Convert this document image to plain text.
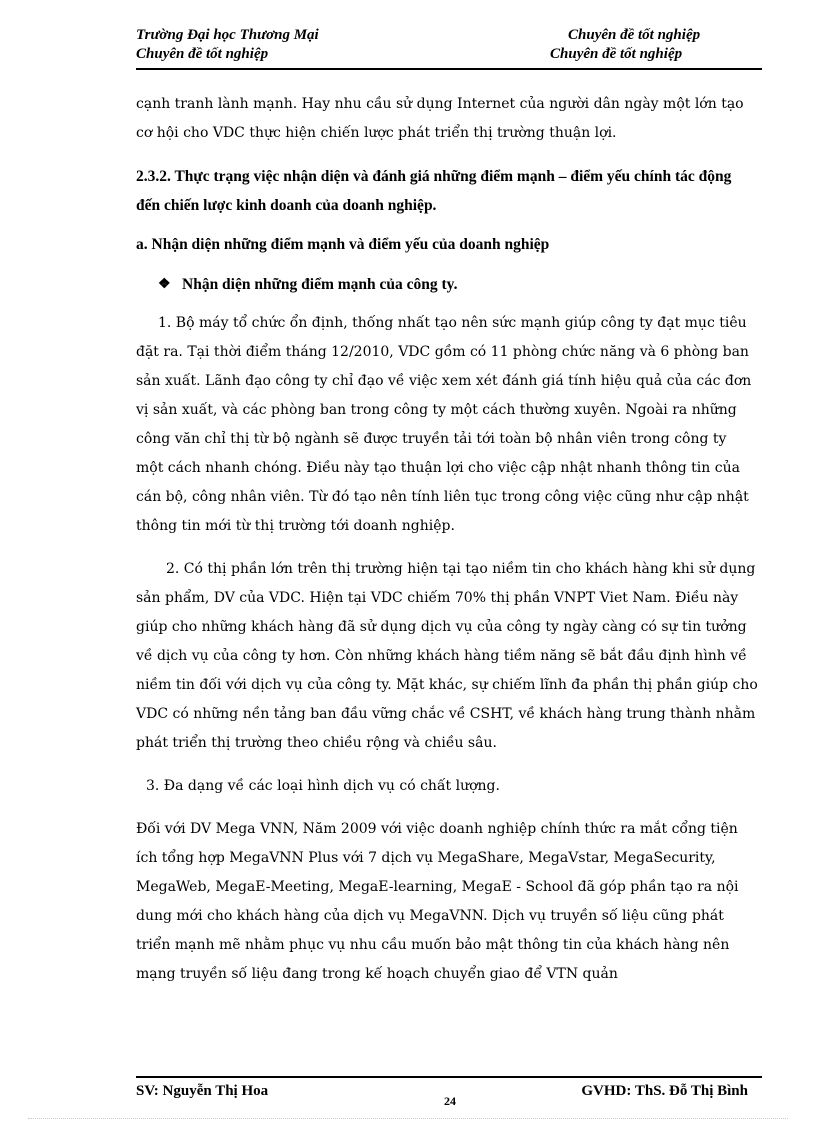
Trường Đại học Thương Mại
Chuyên đề tốt nghiệp
Chuyên đề tốt nghiệp
Chuyên đề tốt nghiệp

cạnh tranh lành mạnh. Hay nhu cầu sử dụng Internet của người dân ngày một lớn tạo cơ hội cho VDC thực hiện chiến lược phát triển thị trường thuận lợi.

2.3.2. Thực trạng việc nhận diện và đánh giá những điểm mạnh – điểm yếu chính tác động đến chiến lược kinh doanh của doanh nghiệp.
a. Nhận diện những điểm mạnh và điểm yếu của doanh nghiệp
❖ Nhận diện những điểm mạnh của công ty.

1. Bộ máy tổ chức ổn định, thống nhất tạo nên sức mạnh giúp công ty đạt mục tiêu đặt ra. Tại thời điểm tháng 12/2010, VDC gồm có 11 phòng chức năng và 6 phòng ban sản xuất. Lãnh đạo công ty chỉ đạo về việc xem xét đánh giá tính hiệu quả của các đơn vị sản xuất, và các phòng ban trong công ty một cách thường xuyên. Ngoài ra những công văn chỉ thị từ bộ ngành sẽ được truyền tải tới toàn bộ nhân viên trong công ty một cách nhanh chóng. Điều này tạo thuận lợi cho việc cập nhật nhanh thông tin của cán bộ, công nhân viên. Từ đó tạo nên tính liên tục trong công việc cũng như cập nhật thông tin mới từ thị trường tới doanh nghiệp.

2. Có thị phần lớn trên thị trường hiện tại tạo niềm tin cho khách hàng khi sử dụng sản phẩm, DV của VDC. Hiện tại VDC chiếm 70% thị phần VNPT Viet Nam. Điều này giúp cho những khách hàng đã sử dụng dịch vụ của công ty ngày càng có sự tin tưởng về dịch vụ của công ty hơn. Còn những khách hàng tiềm năng sẽ bắt đầu định hình về niềm tin đối với dịch vụ của công ty. Mặt khác, sự chiếm lĩnh đa phần thị phần giúp cho VDC có những nền tảng ban đầu vững chắc về CSHT, về khách hàng trung thành nhằm phát triển thị trường theo chiều rộng và chiều sâu.

3. Đa dạng về các loại hình dịch vụ có chất lượng.

Đối với DV Mega VNN, Năm 2009 với việc doanh nghiệp chính thức ra mắt cổng tiện ích tổng hợp MegaVNN Plus với 7 dịch vụ MegaShare, MegaVstar, MegaSecurity, MegaWeb, MegaE-Meeting, MegaE-learning, MegaE - School đã góp phần tạo ra nội dung mới cho khách hàng của dịch vụ MegaVNN. Dịch vụ truyền số liệu cũng phát triển mạnh mẽ nhằm phục vụ nhu cầu muốn bảo mật thông tin của khách hàng nên mạng truyền số liệu đang trong kế hoạch chuyển giao để VTN quản

SV: Nguyễn Thị Hoa
24
GVHD: ThS. Đỗ Thị Bình
